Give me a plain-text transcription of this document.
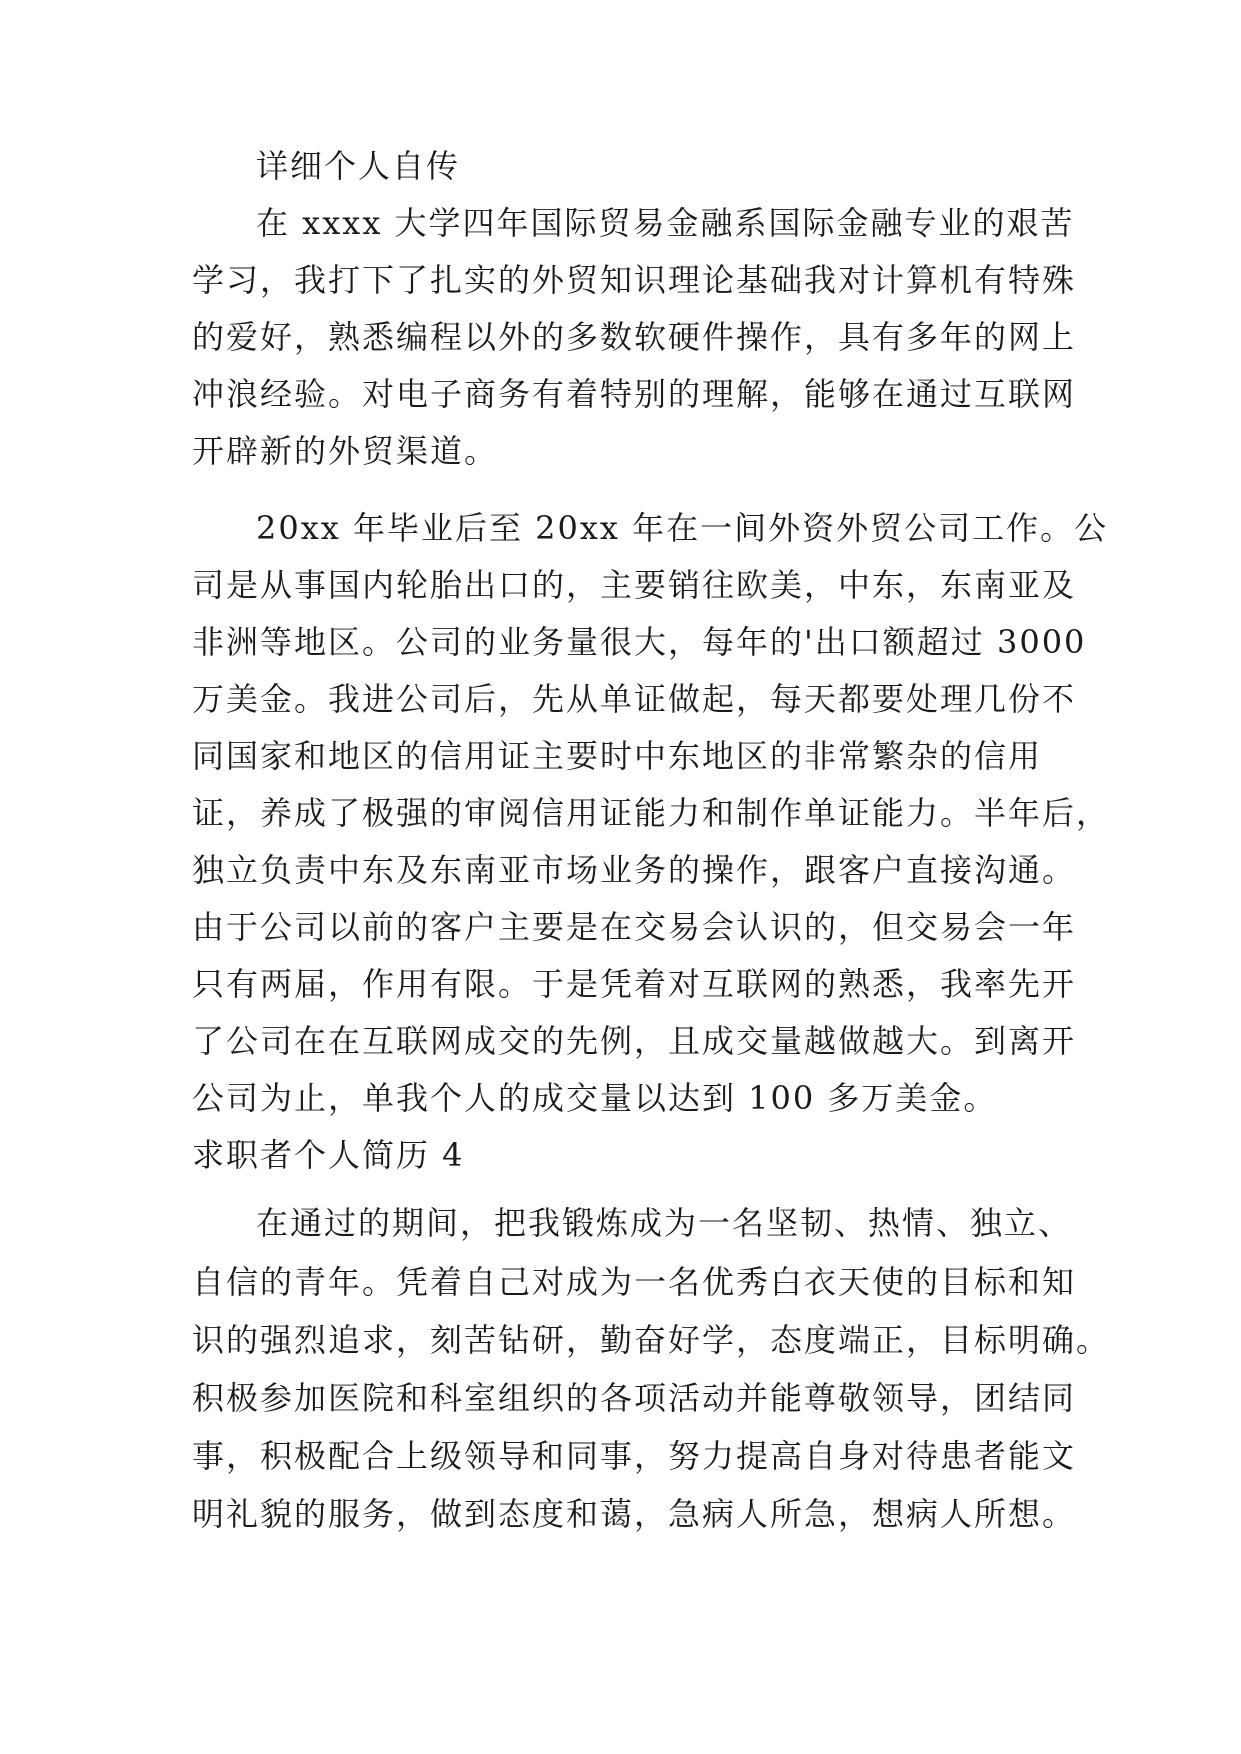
详细个人自传
在 xxxx 大学四年国际贸易金融系国际金融专业的艰苦
学习，我打下了扎实的外贸知识理论基础我对计算机有特殊
的爱好，熟悉编程以外的多数软硬件操作，具有多年的网上
冲浪经验。对电子商务有着特别的理解，能够在通过互联网
开辟新的外贸渠道。
20xx 年毕业后至 20xx 年在一间外资外贸公司工作。公
司是从事国内轮胎出口的，主要销往欧美，中东，东南亚及
非洲等地区。公司的业务量很大，每年的'出口额超过 3000
万美金。我进公司后，先从单证做起，每天都要处理几份不
同国家和地区的信用证主要时中东地区的非常繁杂的信用
证，养成了极强的审阅信用证能力和制作单证能力。半年后，
独立负责中东及东南亚市场业务的操作，跟客户直接沟通。
由于公司以前的客户主要是在交易会认识的，但交易会一年
只有两届，作用有限。于是凭着对互联网的熟悉，我率先开
了公司在在互联网成交的先例，且成交量越做越大。到离开
公司为止，单我个人的成交量以达到 100 多万美金。
求职者个人简历 4
在通过的期间，把我锻炼成为一名坚韧、热情、独立、
自信的青年。凭着自己对成为一名优秀白衣天使的目标和知
识的强烈追求，刻苦钻研，勤奋好学，态度端正，目标明确。
积极参加医院和科室组织的各项活动并能尊敬领导，团结同
事，积极配合上级领导和同事，努力提高自身对待患者能文
明礼貌的服务，做到态度和蔼，急病人所急，想病人所想。
